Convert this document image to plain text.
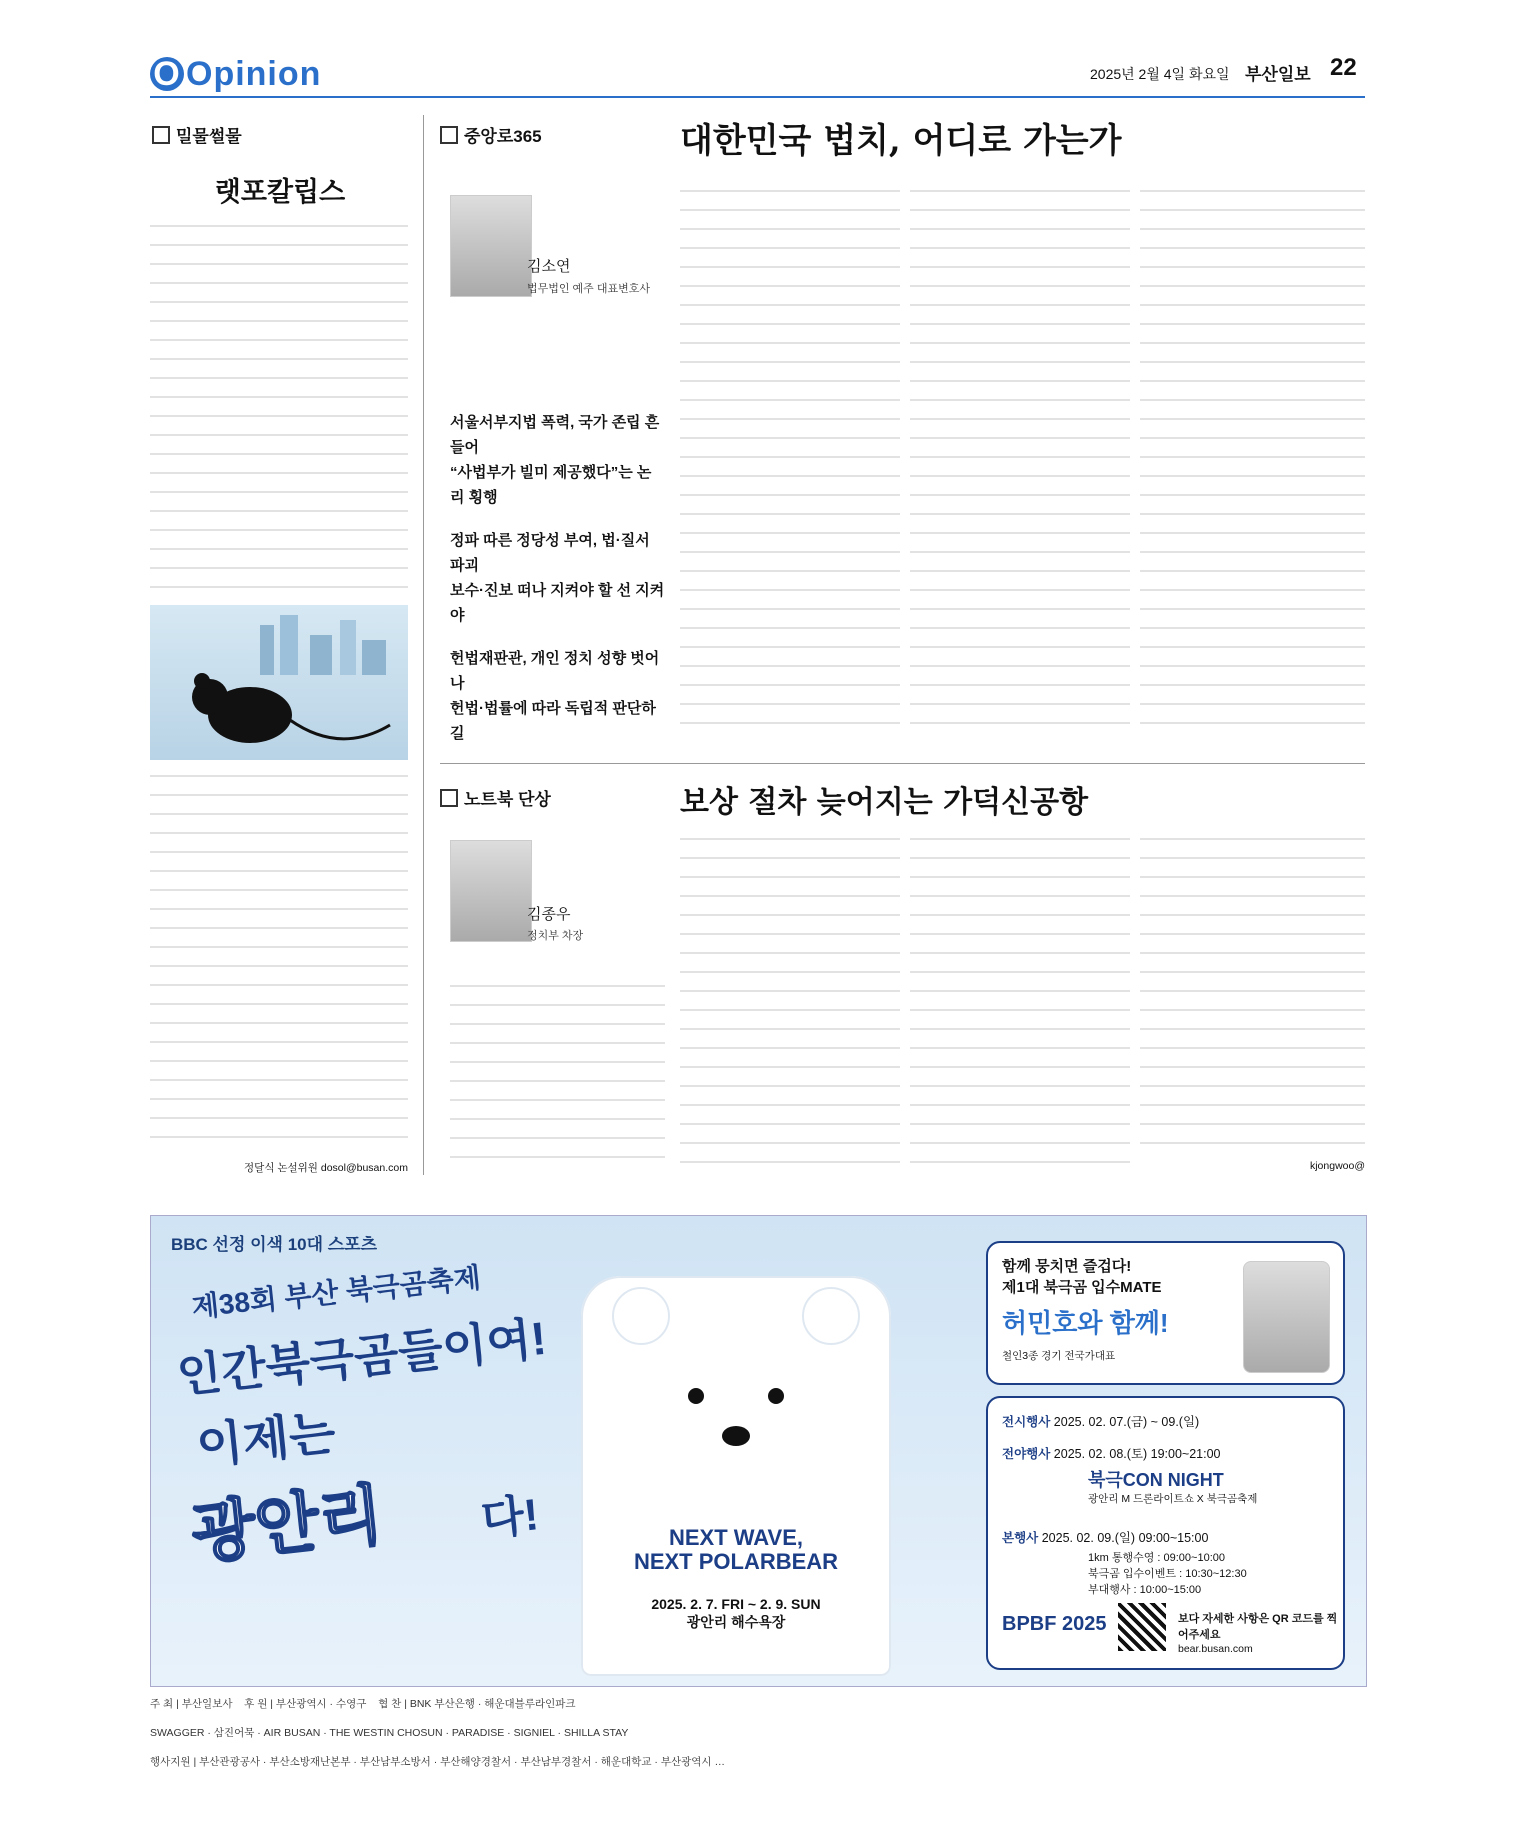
O Opinion	2025년 2월 4일 화요일 부산일보 22
밀물썰물
랫포칼립스
정달식 논설위원 dosol@busan.com
중앙로365	대한민국 법치, 어디로 가는가
김소연
법무법인 예주 대표변호사
서울서부지법 폭력, 국가 존립 흔들어
“사법부가 빌미 제공했다”는 논리 횡행
정파 따른 정당성 부여, 법·질서 파괴
보수·진보 떠나 지켜야 할 선 지켜야
헌법재판관, 개인 정치 성향 벗어나
헌법·법률에 따라 독립적 판단하길
노트북 단상	보상 절차 늦어지는 가덕신공항
김종우
정치부 차장
kjongwoo@
BBC 선정 이색 10대 스포츠
제38회 부산 북극곰축제
인간북극곰들이여!
이제는
광안리 다!	NEXT WAVE,
NEXT POLARBEAR
2025. 2. 7. FRI ~ 2. 9. SUN
광안리 해수욕장
함께 뭉치면 즐겁다!
제1대 북극곰 입수MATE
허민호와 함께!
철인3종 경기 전국가대표
전시행사 2025. 02. 07.(금) ~ 09.(일)
전야행사 2025. 02. 08.(토) 19:00~21:00
북극CON NIGHT
광안리 M 드론라이트쇼 X 북극곰축제
본행사 2025. 02. 09.(일) 09:00~15:00
1km 통행수영 : 09:00~10:00
북극곰 입수이벤트 : 10:30~12:30
부대행사 : 10:00~15:00
BPBF 2025	보다 자세한 사항은 QR 코드를 찍어주세요
bear.busan.com
주 최 | 부산일보사 후 원 | 부산광역시 · 수영구 협 찬 | BNK 부산은행 · 해운대블루라인파크
SWAGGER · 삼진어묵 · AIR BUSAN · THE WESTIN CHOSUN · PARADISE · SIGNIEL · SHILLA STAY
행사지원 | 부산관광공사 · 부산소방재난본부 · 부산남부소방서 · 부산해양경찰서 · 부산남부경찰서 · 해운대학교 · 부산광역시 …
